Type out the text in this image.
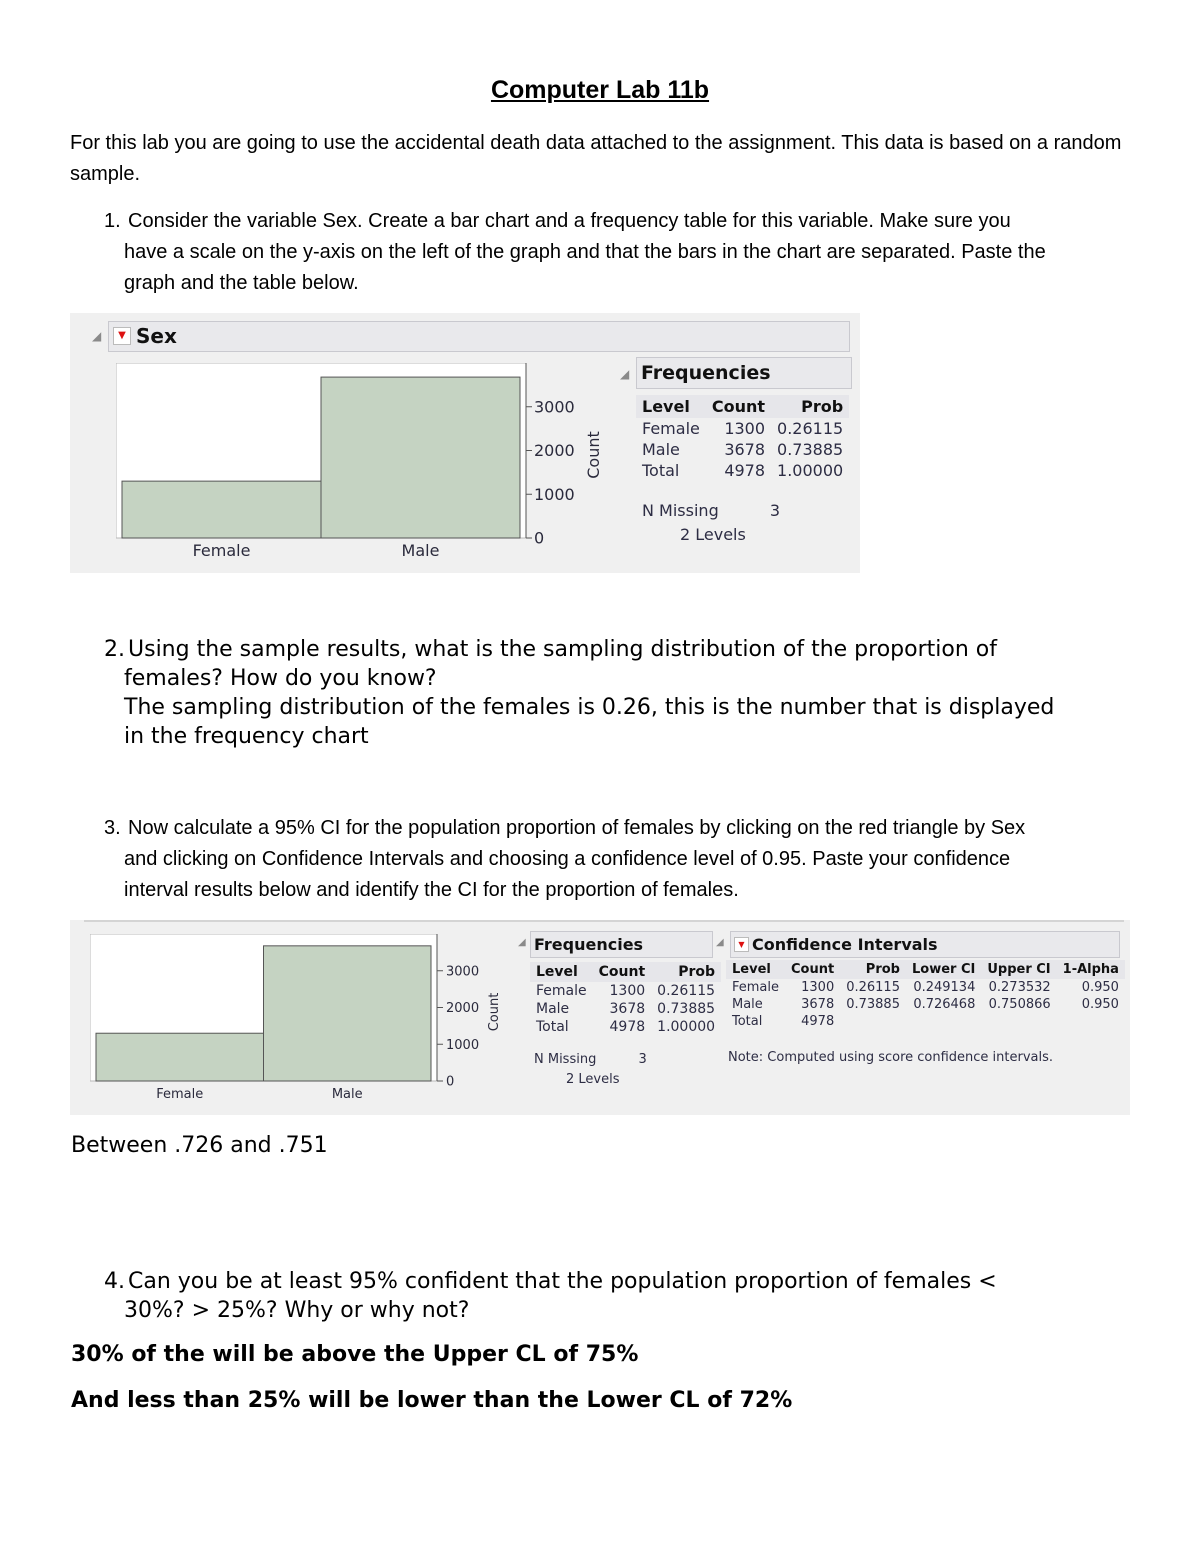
Computer Lab 11b
For this lab you are going to use the accidental death data attached to the assignment. This data is based on a random sample.
1. Consider the variable Sex. Create a bar chart and a frequency table for this variable. Make sure you
have a scale on the y-axis on the left of the graph and that the bars in the chart are separated. Paste the
graph and the table below.
◢	▼ Sex
0
1000
2000
3000
Count
Female	Male
◢ Frequencies
Level	Count	Prob
Female	1300	0.26115
Male	3678	0.73885
Total	4978	1.00000
N Missing	3
2 Levels
2. Using the sample results, what is the sampling distribution of the proportion of
females? How do you know?
The sampling distribution of the females is 0.26, this is the number that is displayed
in the frequency chart
3. Now calculate a 95% CI for the population proportion of females by clicking on the red triangle by Sex
and clicking on Confidence Intervals and choosing a confidence level of 0.95. Paste your confidence
interval results below and identify the CI for the proportion of females.
0
1000
2000
3000
Count
Female	Male
◢ Frequencies
Level	Count	Prob
Female	1300	0.26115
Male	3678	0.73885
Total	4978	1.00000
N Missing	3
2 Levels
◢	▼ Confidence Intervals
Level	Count	Prob	Lower CI	Upper CI	1-Alpha
Female	1300	0.26115	0.249134	0.273532	0.950
Male	3678	0.73885	0.726468	0.750866	0.950
Total	4978				
Note: Computed using score confidence intervals.
Between .726 and .751
4. Can you be at least 95% confident that the population proportion of females <
30%? > 25%? Why or why not?
30% of the will be above the Upper CL of 75%
And less than 25% will be lower than the Lower CL of 72%
